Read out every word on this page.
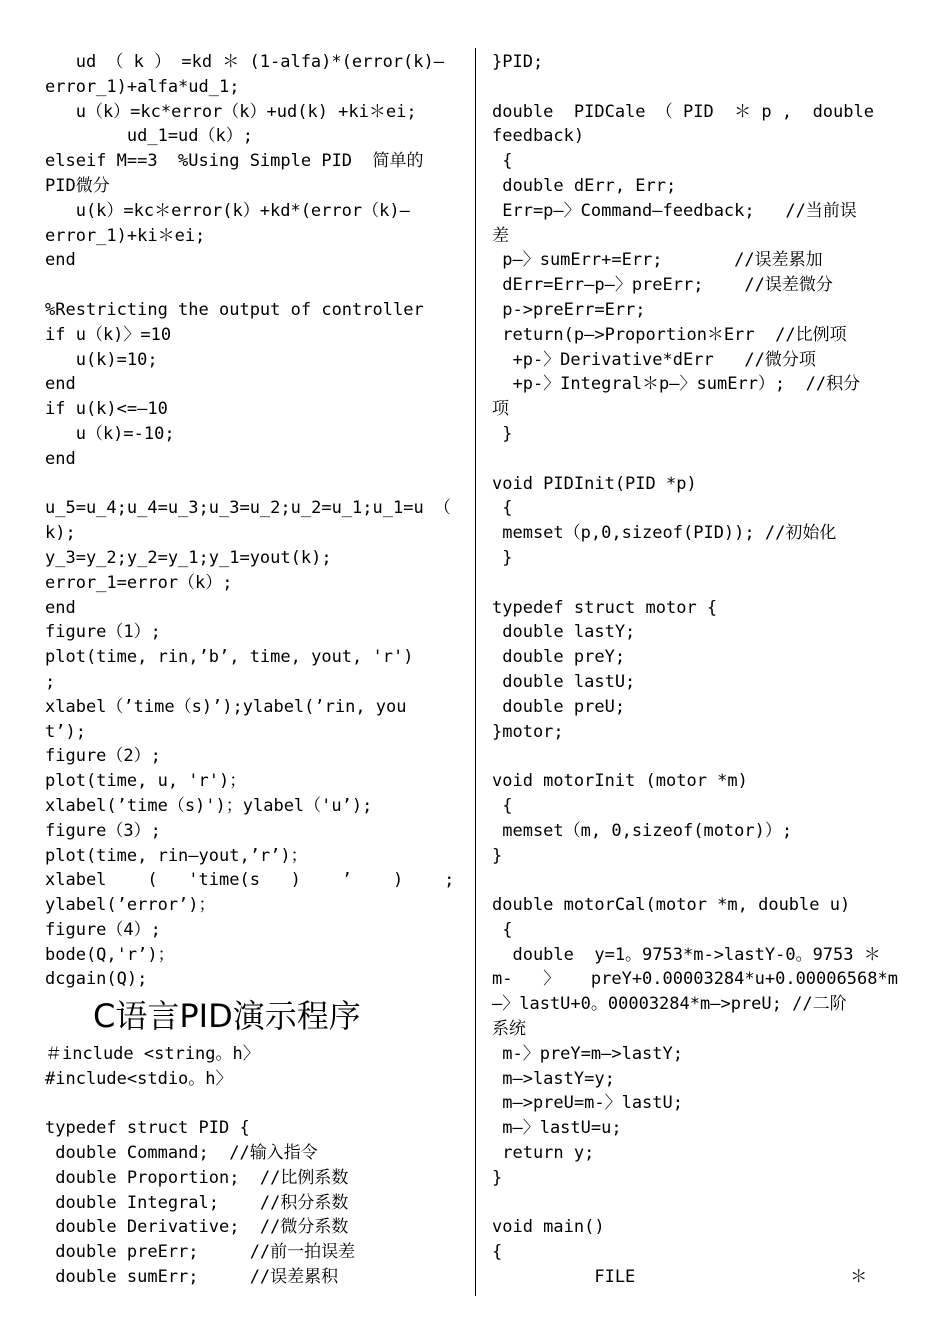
ud （ k ） =kd ＊ (1-alfa)*(error(k)—
error_1)+alfa*ud_1;
u（k）=kc*error（k）+ud(k) +ki＊ei;
ud_1=ud（k）;
elseif M==3  %Using Simple PID  简单的
PID微分
u(k）=kc＊error(k）+kd*(error（k)—
error_1)+ki＊ei;
end
%Restricting the output of controller
if u（k)〉=10
u(k)=10;
end
if u(k)<=—10
u（k)=-10;
end
u_5=u_4;u_4=u_3;u_3=u_2;u_2=u_1;u_1=u （
k);
y_3=y_2;y_2=y_1;y_1=yout(k);
error_1=error（k）;
end
figure（1）;
plot(time, rin,’b’, time, yout, 'r')
;
xlabel（’time（s)’);ylabel(’rin, you
t’);
figure（2）;
plot(time, u, 'r')；
xlabel(’time（s)')；ylabel（'u’);
figure（3）;
plot(time, rin—yout,’r’)；
xlabel    (   'time(s   )    ’    )    ;
ylabel(’error’)；
figure（4）;
bode(Q,'r’)；
dcgain(Q);
C语言PID演示程序
＃include <string。h〉
#include<stdio。h〉
typedef struct PID {
double Command;  //输入指令
double Proportion;  //比例系数
double Integral;    //积分系数
double Derivative;  //微分系数
double preErr;     //前一拍误差
double sumErr;     //误差累积
}PID;
double  PIDCale （ PID  ＊ p ,  double
feedback)
{
double dErr, Err;
Err=p—〉Command—feedback;   //当前误
差
p—〉sumErr+=Err;       //误差累加
dErr=Err—p—〉preErr;    //误差微分
p->preErr=Err;
return(p—>Proportion＊Err  //比例项
+p-〉Derivative*dErr   //微分项
+p-〉Integral＊p—〉sumErr）;  //积分
项
}
void PIDInit(PID *p)
{
memset（p,0,sizeof(PID)); //初始化
}
typedef struct motor {
double lastY;
double preY;
double lastU;
double preU;
}motor;
void motorInit (motor *m)
{
memset（m, 0,sizeof(motor)）;
}
double motorCal(motor *m, double u)
{
double  y=1。9753*m->lastY-0。9753 ＊
m-   〉   preY+0.00003284*u+0.00006568*m
—〉lastU+0。00003284*m—>preU; //二阶
系统
m-〉preY=m—>lastY;
m—>lastY=y;
m—>preU=m-〉lastU;
m—〉lastU=u;
return y;
}
void main()
{
FILE                     ＊
